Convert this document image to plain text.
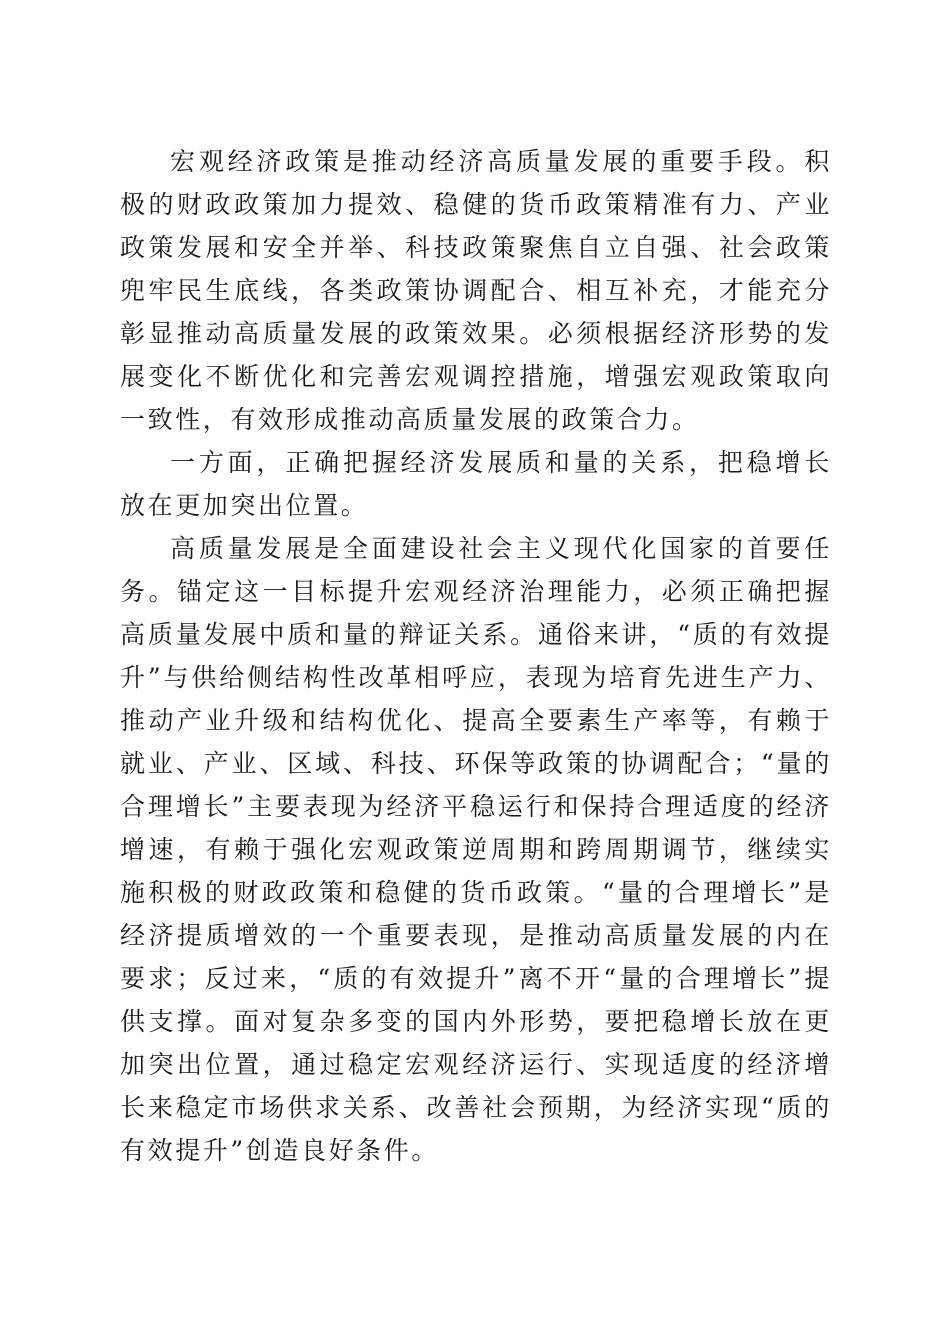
宏观经济政策是推动经济高质量发展的重要手段。积极的财政政策加力提效、稳健的货币政策精准有力、产业政策发展和安全并举、科技政策聚焦自立自强、社会政策兜牢民生底线，各类政策协调配合、相互补充，才能充分彰显推动高质量发展的政策效果。必须根据经济形势的发展变化不断优化和完善宏观调控措施，增强宏观政策取向一致性，有效形成推动高质量发展的政策合力。

一方面，正确把握经济发展质和量的关系，把稳增长放在更加突出位置。

高质量发展是全面建设社会主义现代化国家的首要任务。锚定这一目标提升宏观经济治理能力，必须正确把握高质量发展中质和量的辩证关系。通俗来讲，“质的有效提升”与供给侧结构性改革相呼应，表现为培育先进生产力、推动产业升级和结构优化、提高全要素生产率等，有赖于就业、产业、区域、科技、环保等政策的协调配合；“量的合理增长”主要表现为经济平稳运行和保持合理适度的经济增速，有赖于强化宏观政策逆周期和跨周期调节，继续实施积极的财政政策和稳健的货币政策。“量的合理增长”是经济提质增效的一个重要表现，是推动高质量发展的内在要求；反过来，“质的有效提升”离不开“量的合理增长”提供支撑。面对复杂多变的国内外形势，要把稳增长放在更加突出位置，通过稳定宏观经济运行、实现适度的经济增长来稳定市场供求关系、改善社会预期，为经济实现“质的有效提升”创造良好条件。
